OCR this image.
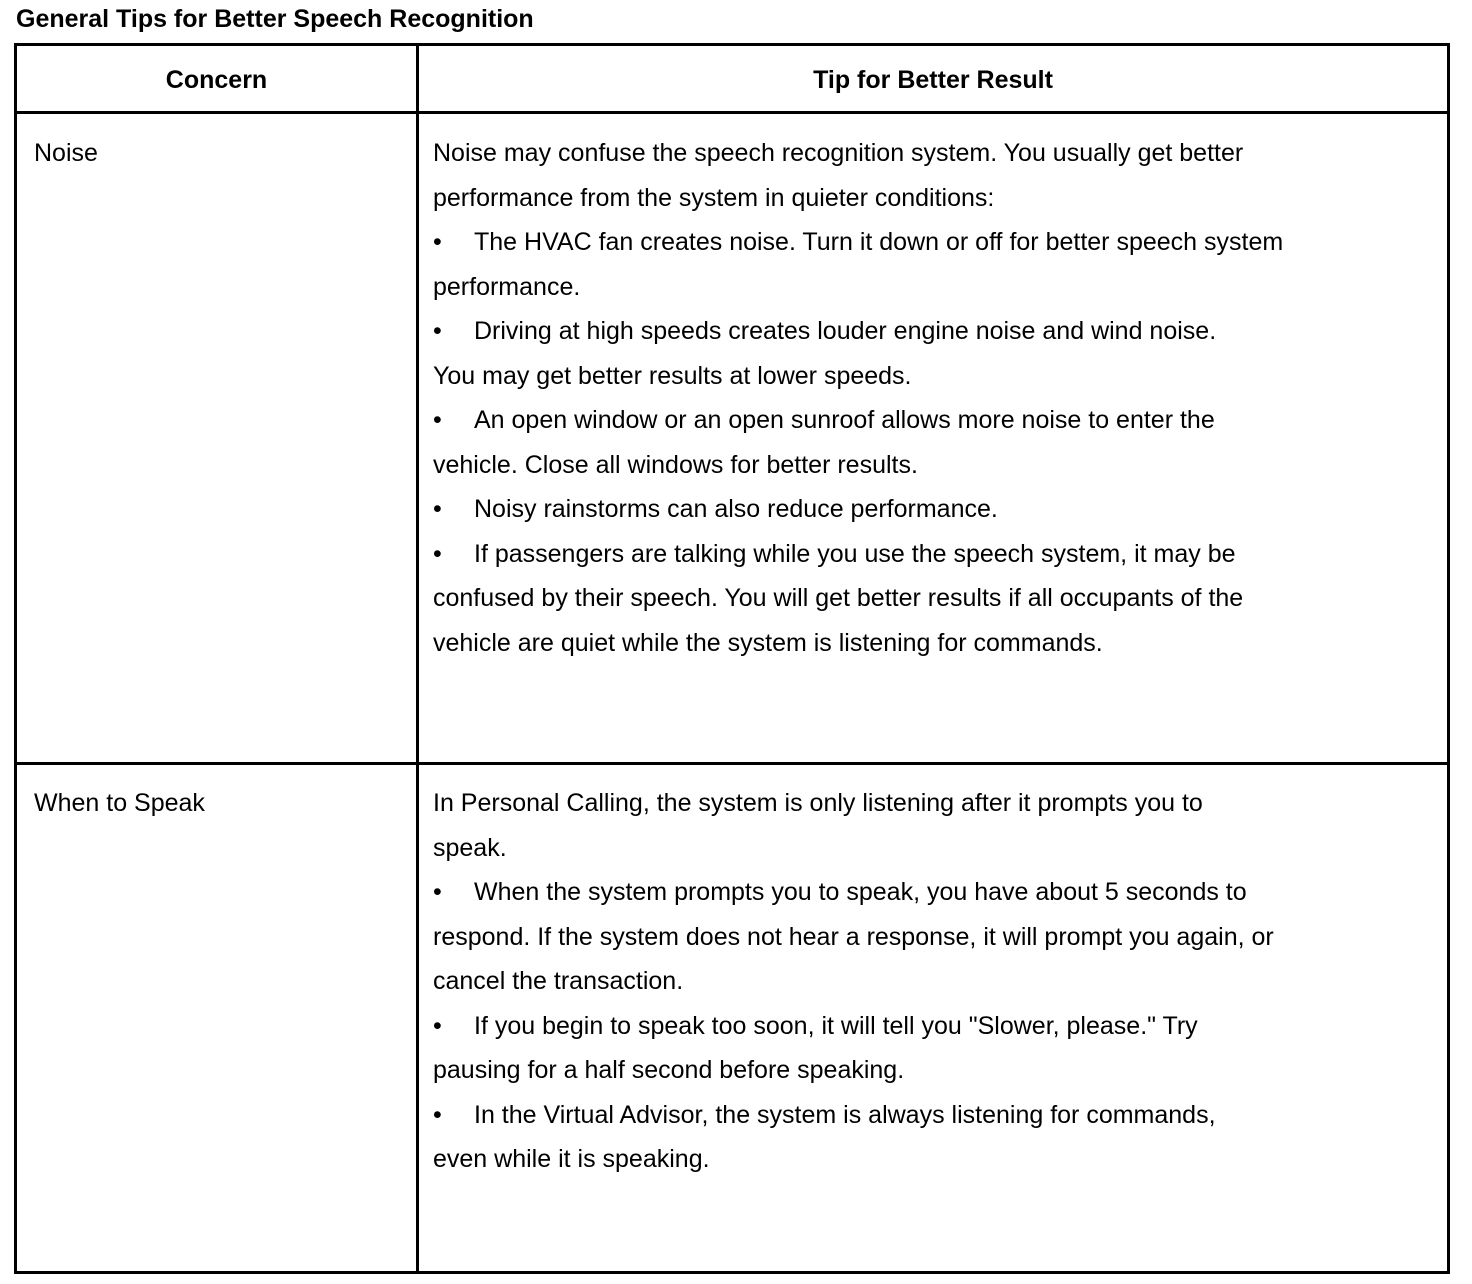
General Tips for Better Speech Recognition
Concern	Tip for Better Result
Noise	Noise may confuse the speech recognition system. You usually get better
performance from the system in quieter conditions:
• The HVAC fan creates noise. Turn it down or off for better speech system
performance.
• Driving at high speeds creates louder engine noise and wind noise.
You may get better results at lower speeds.
• An open window or an open sunroof allows more noise to enter the
vehicle. Close all windows for better results.
• Noisy rainstorms can also reduce performance.
• If passengers are talking while you use the speech system, it may be
confused by their speech. You will get better results if all occupants of the
vehicle are quiet while the system is listening for commands.
When to Speak	In Personal Calling, the system is only listening after it prompts you to
speak.
• When the system prompts you to speak, you have about 5 seconds to
respond. If the system does not hear a response, it will prompt you again, or
cancel the transaction.
• If you begin to speak too soon, it will tell you "Slower, please." Try
pausing for a half second before speaking.
• In the Virtual Advisor, the system is always listening for commands,
even while it is speaking.
